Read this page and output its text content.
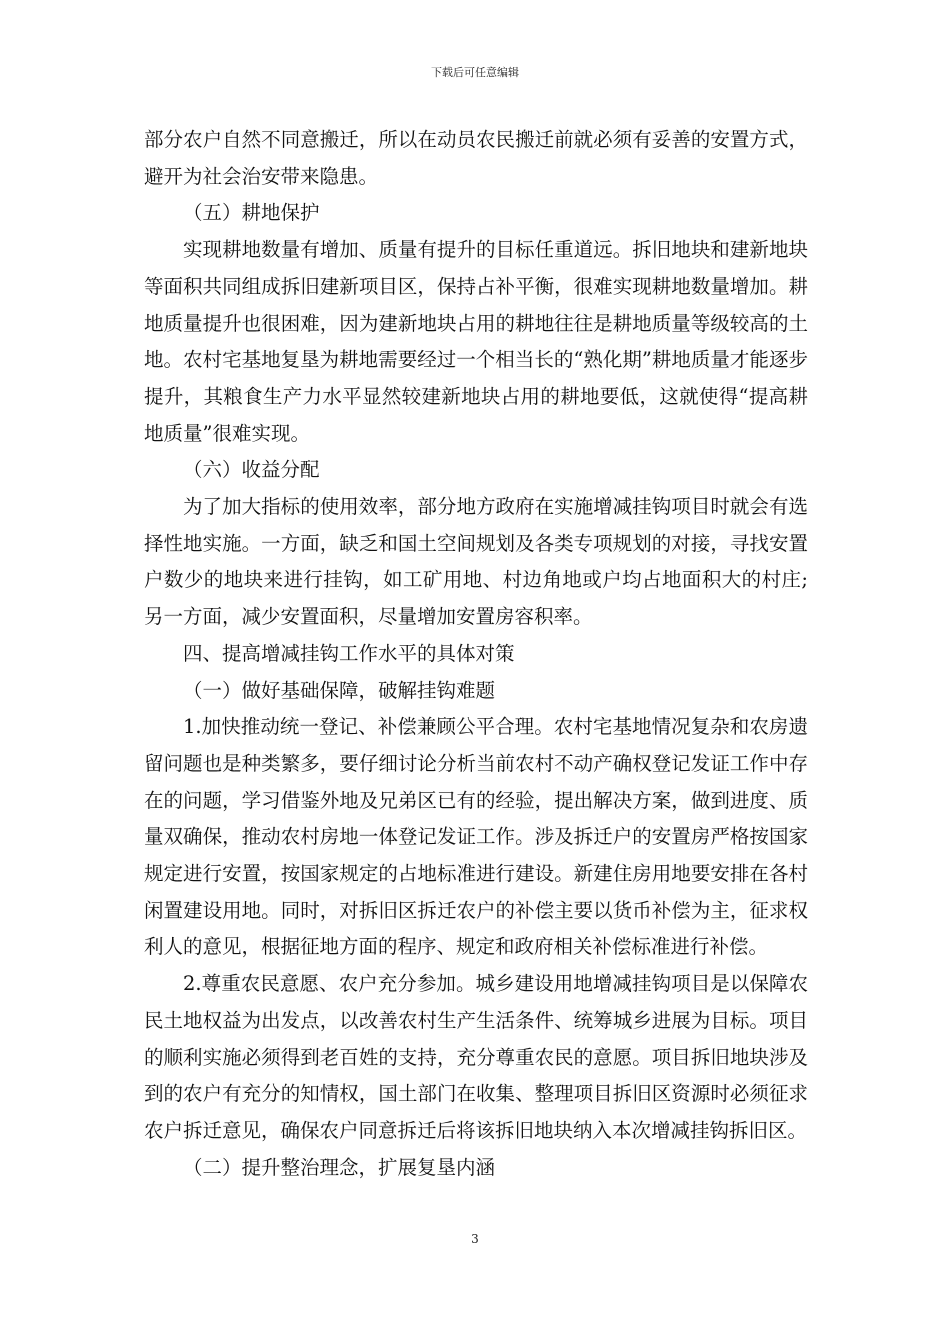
下载后可任意编辑

部分农户自然不同意搬迁，所以在动员农民搬迁前就必须有妥善的安置方式，避开为社会治安带来隐患。

（五）耕地保护

实现耕地数量有增加、质量有提升的目标任重道远。拆旧地块和建新地块等面积共同组成拆旧建新项目区，保持占补平衡，很难实现耕地数量增加。耕地质量提升也很困难，因为建新地块占用的耕地往往是耕地质量等级较高的土地。农村宅基地复垦为耕地需要经过一个相当长的“熟化期”耕地质量才能逐步提升，其粮食生产力水平显然较建新地块占用的耕地要低，这就使得“提高耕地质量”很难实现。

（六）收益分配

为了加大指标的使用效率，部分地方政府在实施增减挂钩项目时就会有选择性地实施。一方面，缺乏和国土空间规划及各类专项规划的对接，寻找安置户数少的地块来进行挂钩，如工矿用地、村边角地或户均占地面积大的村庄;另一方面，减少安置面积，尽量增加安置房容积率。

四、提高增减挂钩工作水平的具体对策

（一）做好基础保障，破解挂钩难题

1.加快推动统一登记、补偿兼顾公平合理。农村宅基地情况复杂和农房遗留问题也是种类繁多，要仔细讨论分析当前农村不动产确权登记发证工作中存在的问题，学习借鉴外地及兄弟区已有的经验，提出解决方案，做到进度、质量双确保，推动农村房地一体登记发证工作。涉及拆迁户的安置房严格按国家规定进行安置，按国家规定的占地标准进行建设。新建住房用地要安排在各村闲置建设用地。同时，对拆旧区拆迁农户的补偿主要以货币补偿为主，征求权利人的意见，根据征地方面的程序、规定和政府相关补偿标准进行补偿。

2.尊重农民意愿、农户充分参加。城乡建设用地增减挂钩项目是以保障农民土地权益为出发点，以改善农村生产生活条件、统筹城乡进展为目标。项目的顺利实施必须得到老百姓的支持，充分尊重农民的意愿。项目拆旧地块涉及到的农户有充分的知情权，国土部门在收集、整理项目拆旧区资源时必须征求农户拆迁意见，确保农户同意拆迁后将该拆旧地块纳入本次增减挂钩拆旧区。

（二）提升整治理念，扩展复垦内涵

3
